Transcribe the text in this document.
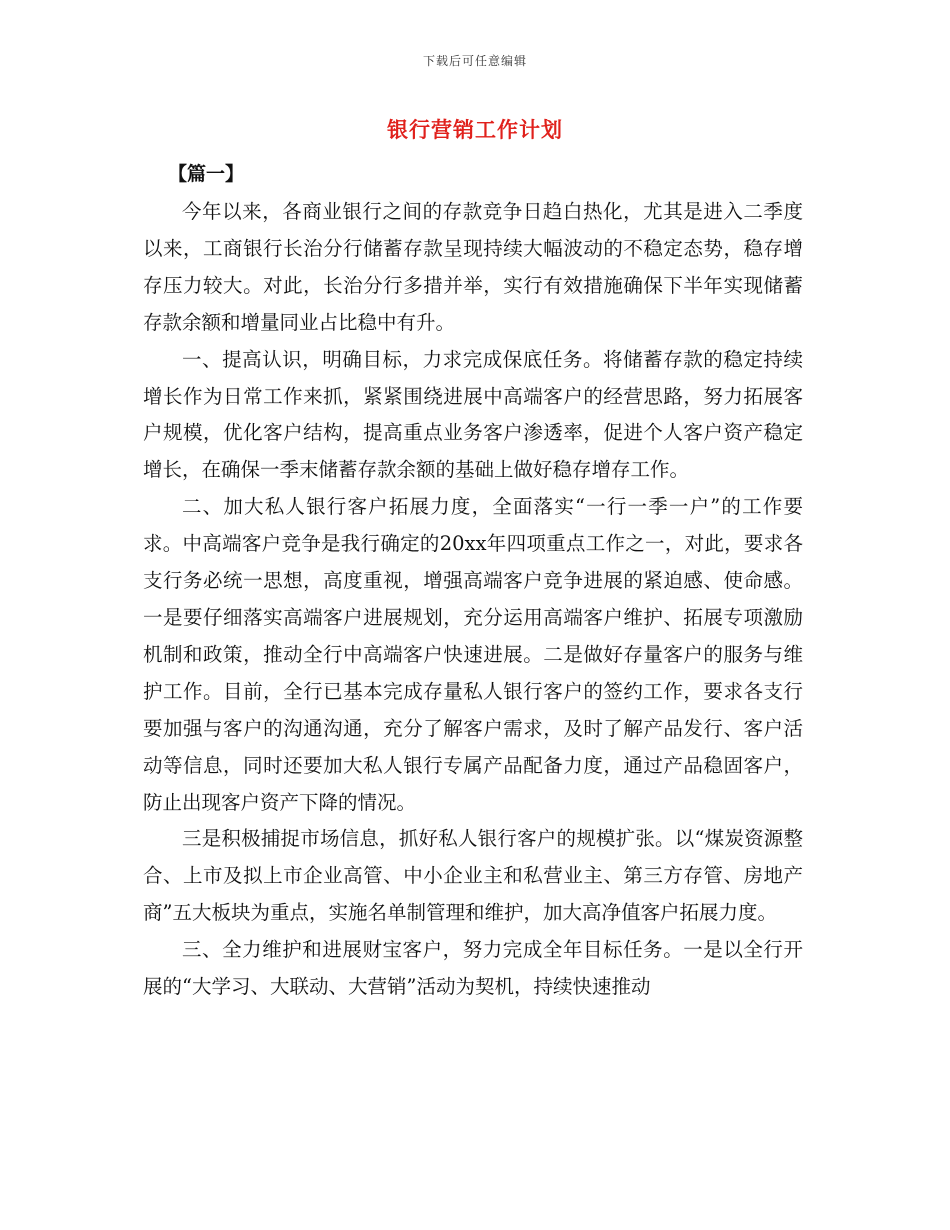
下载后可任意编辑
银行营销工作计划
【篇一】

今年以来，各商业银行之间的存款竞争日趋白热化，尤其是进入二季度以来，工商银行长治分行储蓄存款呈现持续大幅波动的不稳定态势，稳存增存压力较大。对此，长治分行多措并举，实行有效措施确保下半年实现储蓄存款余额和增量同业占比稳中有升。

一、提高认识，明确目标，力求完成保底任务。将储蓄存款的稳定持续增长作为日常工作来抓，紧紧围绕进展中高端客户的经营思路，努力拓展客户规模，优化客户结构，提高重点业务客户渗透率，促进个人客户资产稳定增长，在确保一季末储蓄存款余额的基础上做好稳存增存工作。

二、加大私人银行客户拓展力度，全面落实“一行一季一户”的工作要求。中高端客户竞争是我行确定的20xx年四项重点工作之一，对此，要求各支行务必统一思想，高度重视，增强高端客户竞争进展的紧迫感、使命感。一是要仔细落实高端客户进展规划，充分运用高端客户维护、拓展专项激励机制和政策，推动全行中高端客户快速进展。二是做好存量客户的服务与维护工作。目前，全行已基本完成存量私人银行客户的签约工作，要求各支行要加强与客户的沟通沟通，充分了解客户需求，及时了解产品发行、客户活动等信息，同时还要加大私人银行专属产品配备力度，通过产品稳固客户，防止出现客户资产下降的情况。

三是积极捕捉市场信息，抓好私人银行客户的规模扩张。以“煤炭资源整合、上市及拟上市企业高管、中小企业主和私营业主、第三方存管、房地产商”五大板块为重点，实施名单制管理和维护，加大高净值客户拓展力度。

三、全力维护和进展财宝客户，努力完成全年目标任务。一是以全行开展的“大学习、大联动、大营销”活动为契机，持续快速推动
